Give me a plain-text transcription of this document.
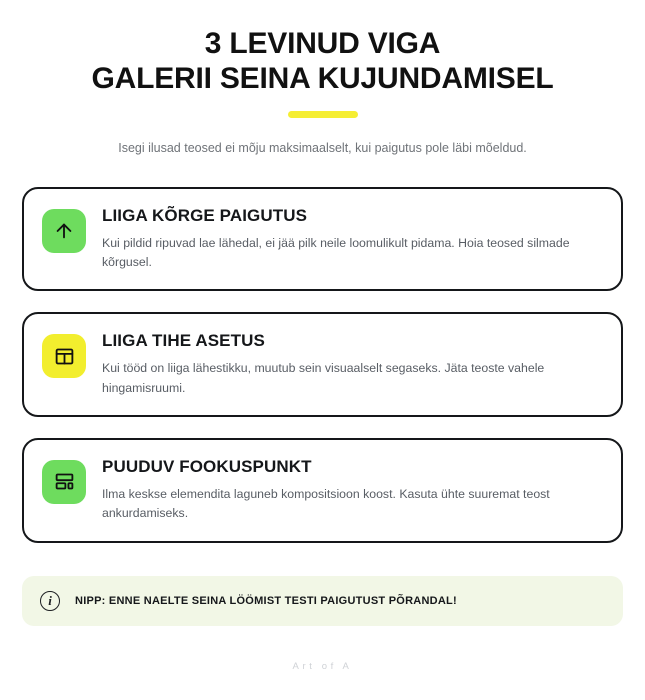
3 LEVINUD VIGA
GALERII SEINA KUJUNDAMISEL

Isegi ilusad teosed ei mõju maksimaalselt, kui paigutus pole läbi mõeldud.

LIIGA KÕRGE PAIGUTUS
Kui pildid ripuvad lae lähedal, ei jää pilk neile loomulikult pidama. Hoia teosed silmade kõrgusel.
LIIGA TIHE ASETUS
Kui tööd on liiga lähestikku, muutub sein visuaalselt segaseks. Jäta teoste vahele hingamisruumi.
PUUDUV FOOKUSPUNKT
Ilma keskse elemendita laguneb kompositsioon koost. Kasuta ühte suuremat teost ankurdamiseks.
i	NIPP: ENNE NAELTE SEINA LÖÖMIST TESTI PAIGUTUST PÕRANDAL!
Art of A
